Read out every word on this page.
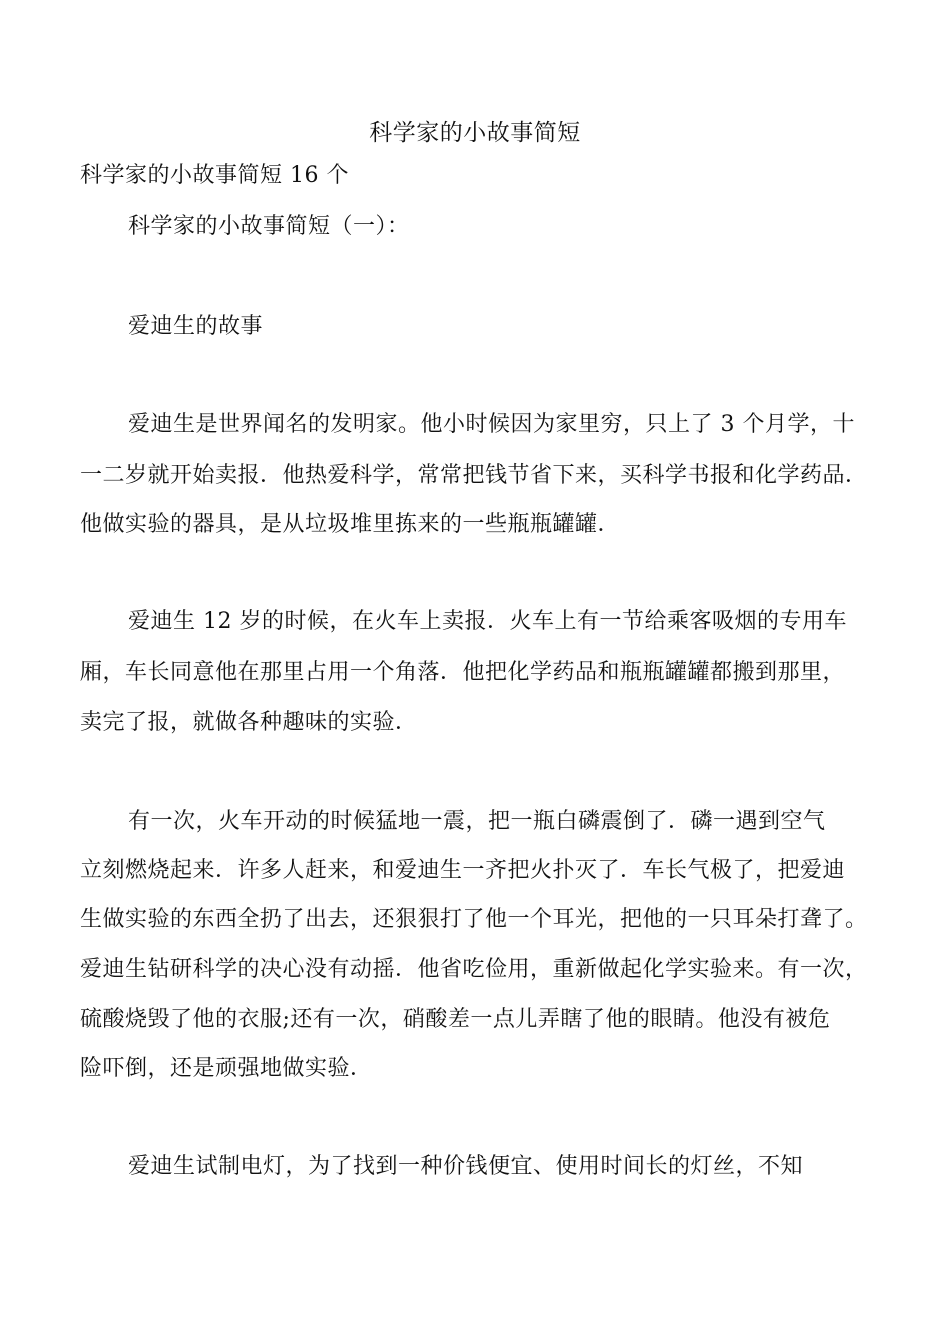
科学家的小故事简短
科学家的小故事简短 16 个
科学家的小故事简短（一）：
爱迪生的故事
爱迪生是世界闻名的发明家。他小时候因为家里穷，只上了 3 个月学，十
一二岁就开始卖报．他热爱科学，常常把钱节省下来，买科学书报和化学药品．
他做实验的器具，是从垃圾堆里拣来的一些瓶瓶罐罐．
爱迪生 12 岁的时候，在火车上卖报．火车上有一节给乘客吸烟的专用车
厢，车长同意他在那里占用一个角落．他把化学药品和瓶瓶罐罐都搬到那里，
卖完了报，就做各种趣味的实验．
有一次，火车开动的时候猛地一震，把一瓶白磷震倒了．磷一遇到空气
立刻燃烧起来．许多人赶来，和爱迪生一齐把火扑灭了．车长气极了，把爱迪
生做实验的东西全扔了出去，还狠狠打了他一个耳光，把他的一只耳朵打聋了。
爱迪生钻研科学的决心没有动摇．他省吃俭用，重新做起化学实验来。有一次，
硫酸烧毁了他的衣服;还有一次，硝酸差一点儿弄瞎了他的眼睛。他没有被危
险吓倒，还是顽强地做实验．
爱迪生试制电灯，为了找到一种价钱便宜、使用时间长的灯丝，不知
